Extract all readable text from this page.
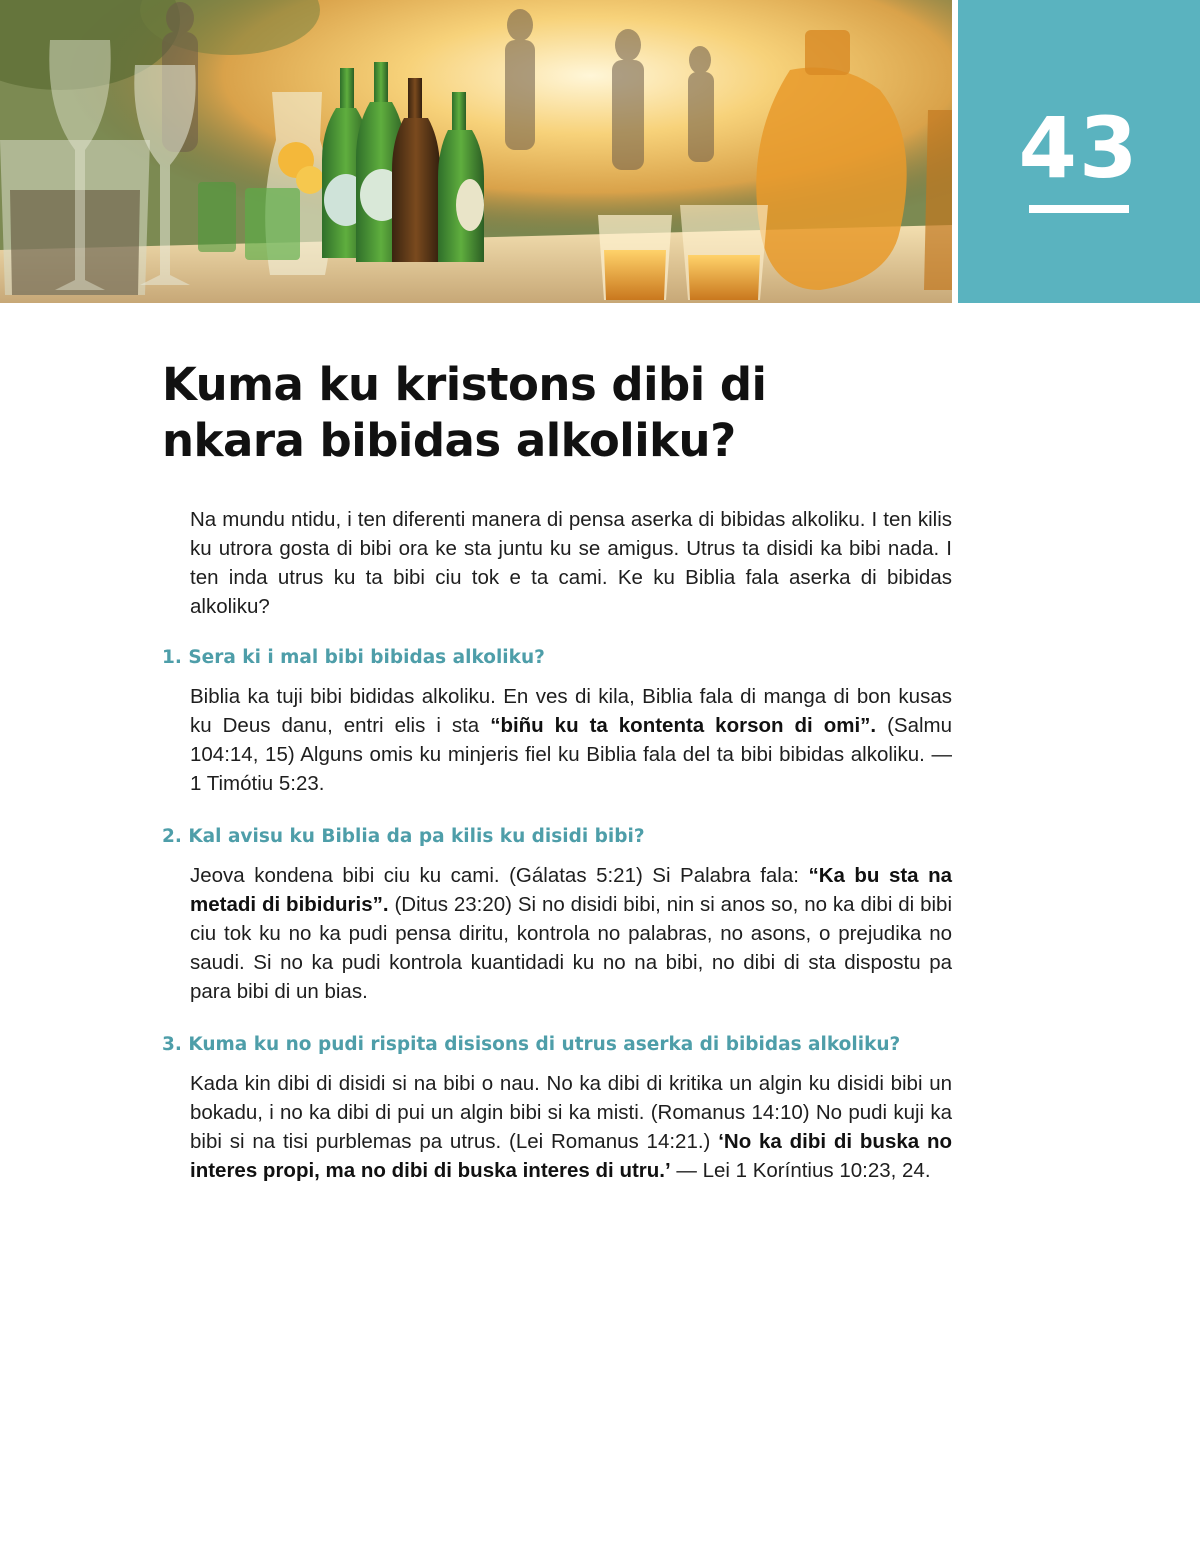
43
Kuma ku kristons dibi di
nkara bibidas alkoliku?

Na mundu ntidu, i ten diferenti manera di pensa aserka di bibidas alkoliku. I ten kilis ku utrora gosta di bibi ora ke sta juntu ku se amigus. Utrus ta disidi ka bibi nada. I ten inda utrus ku ta bibi ciu tok e ta cami. Ke ku Biblia fala aserka di bibidas alkoliku?

1. Sera ki i mal bibi bibidas alkoliku?

Biblia ka tuji bibi bididas alkoliku. En ves di kila, Biblia fala di manga di bon kusas ku Deus danu, entri elis i sta “biñu ku ta kontenta korson di omi”. (Salmu 104:14, 15) Alguns omis ku minjeris fiel ku Biblia fala del ta bibi bibidas alkoliku. — 1 Timótiu 5:23.

2. Kal avisu ku Biblia da pa kilis ku disidi bibi?

Jeova kondena bibi ciu ku cami. (Gálatas 5:21) Si Palabra fala: “Ka bu sta na metadi di bibiduris”. (Ditus 23:20) Si no disidi bibi, nin si anos so, no ka dibi di bibi ciu tok ku no ka pudi pensa diritu, kontrola no palabras, no asons, o prejudika no saudi. Si no ka pudi kontrola kuantidadi ku no na bibi, no dibi di sta dispostu pa para bibi di un bias.

3. Kuma ku no pudi rispita disisons di utrus aserka di bibidas alkoliku?

Kada kin dibi di disidi si na bibi o nau. No ka dibi di kritika un algin ku disidi bibi un bokadu, i no ka dibi di pui un algin bibi si ka misti. (Romanus 14:10) No pudi kuji ka bibi si na tisi purblemas pa utrus. (Lei Romanus 14:21.) ‘No ka dibi di buska no interes propi, ma no dibi di buska interes di utru.’ — Lei 1 Koríntius 10:23, 24.
